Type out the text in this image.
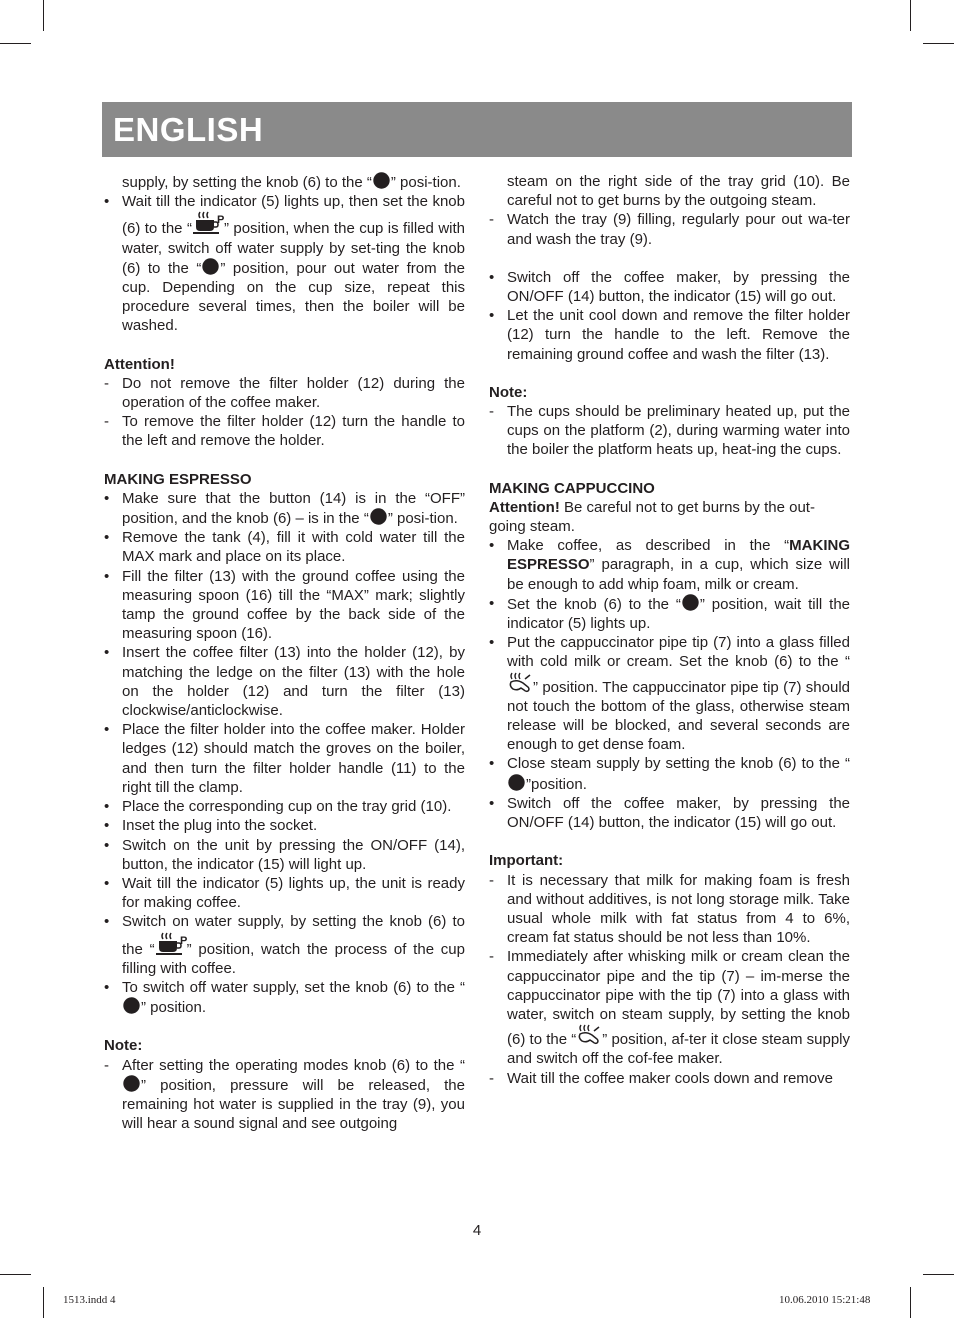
ENGLISH

supply, by setting the knob (6) to the “ ” posi-tion.

• Wait till the indicator (5) lights up, then set the knob (6) to the “ P ” position, when the cup is filled with water, switch off water supply by set-ting the knob (6) to the “ ” position, pour out water from the cup. Depending on the cup size, repeat this procedure several times, then the boiler will be washed.

Attention!

- Do not remove the filter holder (12) during the operation of the coffee maker.

- To remove the filter holder (12) turn the handle to the left and remove the holder.

MAKING ESPRESSO

• Make sure that the button (14) is in the “OFF” position, and the knob (6) – is in the “ ” posi-tion.

• Remove the tank (4), fill it with cold water till the MAX mark and place on its place.

• Fill the filter (13) with the ground coffee using the measuring spoon (16) till the “MAX” mark; slightly tamp the ground coffee by the back side of the measuring spoon (16).

• Insert the coffee filter (13) into the holder (12), by matching the ledge on the filter (13) with the hole on the holder (12) and turn the filter (13) clockwise/anticlockwise.

• Place the filter holder into the coffee maker. Holder ledges (12) should match the groves on the boiler, and then turn the filter holder handle (11) to the right till the clamp.

• Place the corresponding cup on the tray grid (10).

• Inset the plug into the socket.

• Switch on the unit by pressing the ON/OFF (14), button, the indicator (15) will light up.

• Wait till the indicator (5) lights up, the unit is ready for making coffee.

• Switch on water supply, by setting the knob (6) to the “ P ” position, watch the process of the cup filling with coffee.

• To switch off water supply, set the knob (6) to the “
” position.

Note:

- After setting the operating modes knob (6) to the “
” position, pressure will be released, the remaining hot water is supplied in the tray (9), you will hear a sound signal and see outgoing

steam on the right side of the tray grid (10). Be careful not to get burns by the outgoing steam.

- Watch the tray (9) filling, regularly pour out wa-ter and wash the tray (9).

• Switch off the coffee maker, by pressing the ON/OFF (14) button, the indicator (15) will go out.

• Let the unit cool down and remove the filter holder (12) turn the handle to the left. Remove the remaining ground coffee and wash the filter (13).

Note:

- The cups should be preliminary heated up, put the cups on the platform (2), during warming water into the boiler the platform heats up, heat-ing the cups.

MAKING CAPPUCCINO

Attention! Be careful not to get burns by the out-going steam.

• Make coffee, as described in the “MAKING ESPRESSO” paragraph, in a cup, which size will be enough to add whip foam, milk or cream.

• Set the knob (6) to the “ ” position, wait till the indicator (5) lights up.

• Put the cappuccinator pipe tip (7) into a glass filled with cold milk or cream. Set the knob (6) to the “
” position. The cappuccinator pipe tip (7) should not touch the bottom of the glass, otherwise steam release will be blocked, and several seconds are enough to get dense foam.

• Close steam supply by setting the knob (6) to the “
”position.

• Switch off the coffee maker, by pressing the ON/OFF (14) button, the indicator (15) will go out.

Important:

- It is necessary that milk for making foam is fresh and without additives, is not long storage milk. Take usual whole milk with fat status from 4 to 6%, cream fat status should be not less than 10%.

- Immediately after whisking milk or cream clean the cappuccinator pipe and the tip (7) – im-merse the cappuccinator pipe with the tip (7) into a glass with water, switch on steam supply, by setting the knob (6) to the “ ” position, af-ter it close steam supply and switch off the cof-fee maker.

- Wait till the coffee maker cools down and remove

4
1513.indd 4	10.06.2010 15:21:48
